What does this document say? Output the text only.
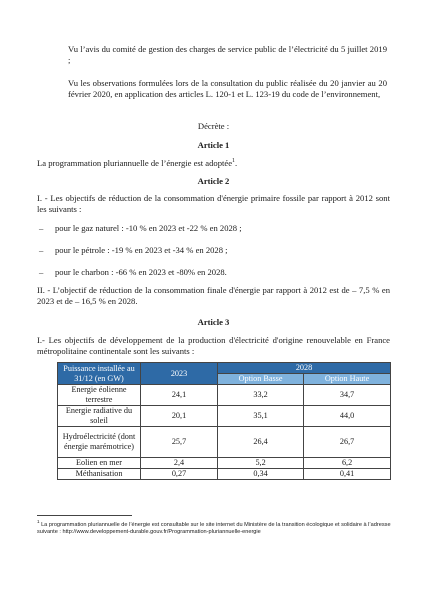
Vu l’avis du comité de gestion des charges de service public de l’électricité du 5 juillet 2019 ;

Vu les observations formulées lors de la consultation du public réalisée du 20 janvier au 20 février 2020, en application des articles L. 120-1 et L. 123-19 du code de l’environnement,

Décrète :

Article 1

La programmation pluriannuelle de l’énergie est adoptée$^1$.

Article 2

I. - Les objectifs de réduction de la consommation d'énergie primaire fossile par rapport à 2012 sont les suivants :

– pour le gaz naturel : -10 % en 2023 et -22 % en 2028 ;

– pour le pétrole : -19 % en 2023 et -34 % en 2028 ;

– pour le charbon : -66 % en 2023 et -80% en 2028.

II. - L’objectif de réduction de la consommation finale d'énergie par rapport à 2012 est de – 7,5 % en 2023 et de – 16,5 % en 2028.

Article 3

I.- Les objectifs de développement de la production d'électricité d'origine renouvelable en France métropolitaine continentale sont les suivants :

Puissance installée au 31/12 (en GW)	2023	2028	
		Option Basse	Option Haute
Energie éolienne terrestre	24,1	33,2	34,7
Energie radiative du soleil	20,1	35,1	44,0
Hydroélectricité (dont énergie marémotrice)	25,7	26,4	26,7
Eolien en mer	2,4	5,2	6,2
Méthanisation	0,27	0,34	0,41

$^1$ La programmation pluriannuelle de l’énergie est consultable sur le site internet du Ministère de la transition écologique et solidaire à l’adresse suivante : http://www.developpement-durable.gouv.fr/Programmation-pluriannuelle-energie
